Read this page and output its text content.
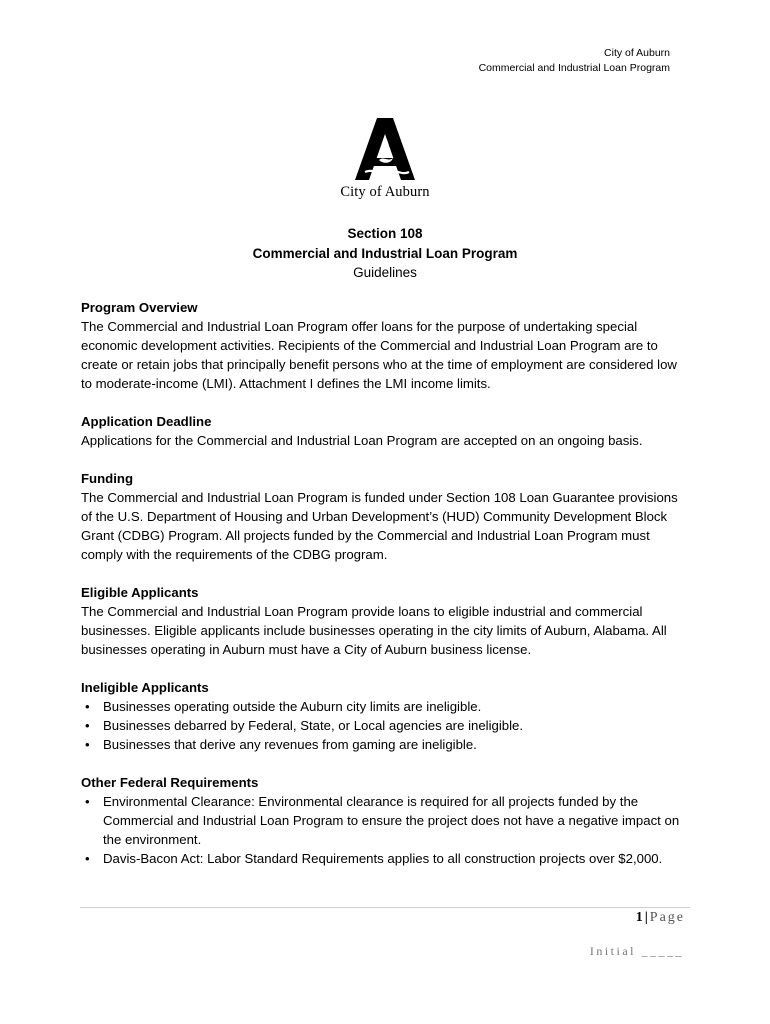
City of Auburn
Commercial and Industrial Loan Program
City of Auburn
Section 108
Commercial and Industrial Loan Program
Guidelines
Program Overview

The Commercial and Industrial Loan Program offer loans for the purpose of undertaking special economic development activities. Recipients of the Commercial and Industrial Loan Program are to create or retain jobs that principally benefit persons who at the time of employment are considered low to moderate-income (LMI). Attachment I defines the LMI income limits.

Application Deadline

Applications for the Commercial and Industrial Loan Program are accepted on an ongoing basis.

Funding

The Commercial and Industrial Loan Program is funded under Section 108 Loan Guarantee provisions of the U.S. Department of Housing and Urban Development’s (HUD) Community Development Block Grant (CDBG) Program. All projects funded by the Commercial and Industrial Loan Program must comply with the requirements of the CDBG program.

Eligible Applicants

The Commercial and Industrial Loan Program provide loans to eligible industrial and commercial businesses. Eligible applicants include businesses operating in the city limits of Auburn, Alabama. All businesses operating in Auburn must have a City of Auburn business license.

Ineligible Applicants
• Businesses operating outside the Auburn city limits are ineligible.
• Businesses debarred by Federal, State, or Local agencies are ineligible.
• Businesses that derive any revenues from gaming are ineligible.
Other Federal Requirements
• Environmental Clearance: Environmental clearance is required for all projects funded by the Commercial and Industrial Loan Program to ensure the project does not have a negative impact on the environment.
• Davis-Bacon Act: Labor Standard Requirements applies to all construction projects over $2,000.
1|Page
Initial _____
